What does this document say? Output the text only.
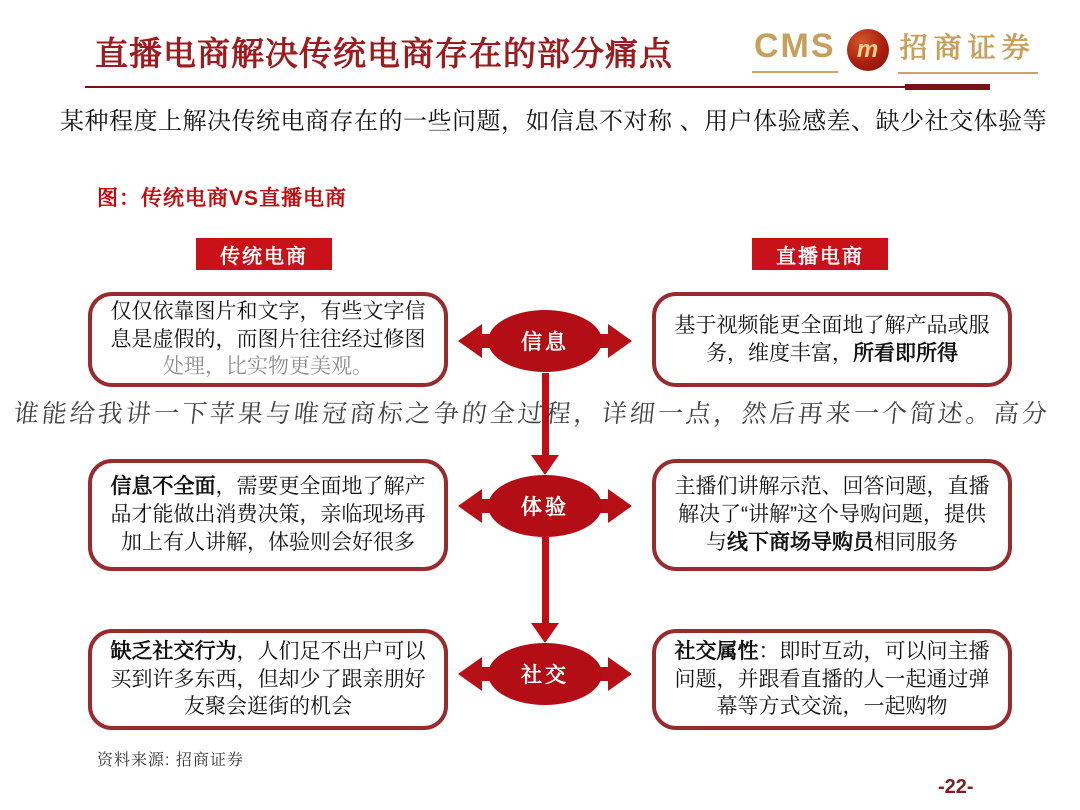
直播电商解决传统电商存在的部分痛点 CMS m 招商证券
某种程度上解决传统电商存在的一些问题，如信息不对称 、用户体验感差、缺少社交体验等
图：传统电商VS直播电商
传统电商	直播电商
仅仅依靠图片和文字，有些文字信息是虚假的，而图片往往经过修图处理，比实物更美观。
基于视频能更全面地了解产品或服务，维度丰富，所看即所得
信息
信息不全面，需要更全面地了解产品才能做出消费决策，亲临现场再加上有人讲解，体验则会好很多
主播们讲解示范、回答问题，直播解决了“讲解”这个导购问题，提供与线下商场导购员相同服务
体验
缺乏社交行为，人们足不出户可以买到许多东西，但却少了跟亲朋好友聚会逛街的机会
社交属性：即时互动，可以问主播问题，并跟看直播的人一起通过弹幕等方式交流，一起购物
社交
谁能给我讲一下苹果与唯冠商标之争的全过程，详细一点，然后再来一个简述。高分
资料来源: 招商证券
-22-
